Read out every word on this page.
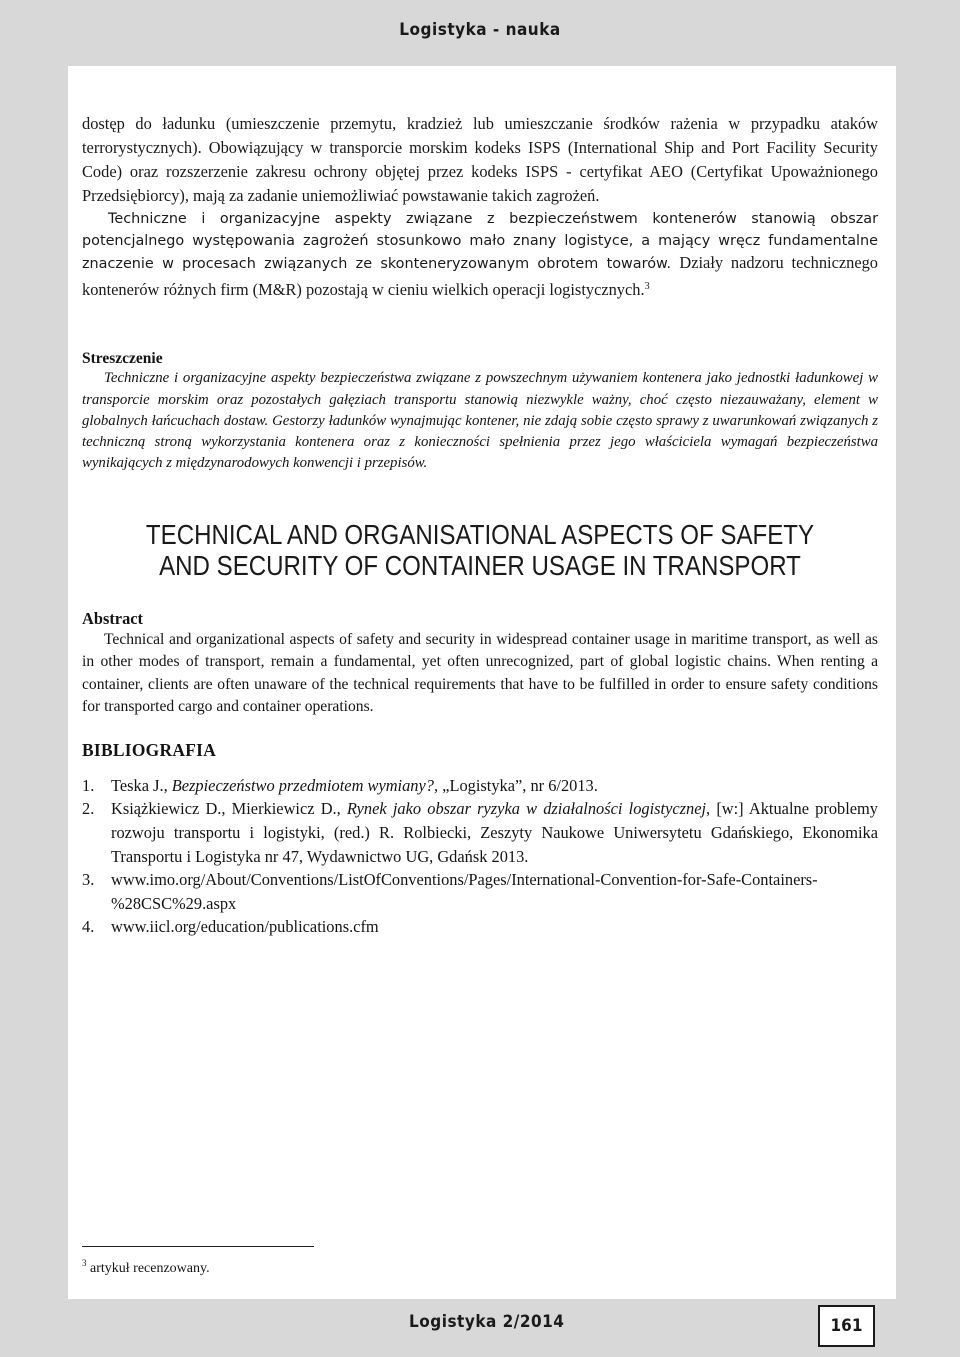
Logistyka - nauka

dostęp do ładunku (umieszczenie przemytu, kradzież lub umieszczanie środków rażenia w przypadku ataków terrorystycznych). Obowiązujący w transporcie morskim kodeks ISPS (International Ship and Port Facility Security Code) oraz rozszerzenie zakresu ochrony objętej przez kodeks ISPS - certyfikat AEO (Certyfikat Upoważnionego Przedsiębiorcy), mają za zadanie uniemożliwiać powstawanie takich zagrożeń.

Techniczne i organizacyjne aspekty związane z bezpieczeństwem kontenerów stanowią obszar potencjalnego występowania zagrożeń stosunkowo mało znany logistyce, a mający wręcz fundamentalne znaczenie w procesach związanych ze skonteneryzowanym obrotem towarów. Działy nadzoru technicznego kontenerów różnych firm (M&R) pozostają w cieniu wielkich operacji logistycznych.$^3$

Streszczenie

Techniczne i organizacyjne aspekty bezpieczeństwa związane z powszechnym używaniem kontenera jako jednostki ładunkowej w transporcie morskim oraz pozostałych gałęziach transportu stanowią niezwykle ważny, choć często niezauważany, element w globalnych łańcuchach dostaw. Gestorzy ładunków wynajmując kontener, nie zdają sobie często sprawy z uwarunkowań związanych z techniczną stroną wykorzystania kontenera oraz z konieczności spełnienia przez jego właściciela wymagań bezpieczeństwa wynikających z międzynarodowych konwencji i przepisów.

TECHNICAL AND ORGANISATIONAL ASPECTS OF SAFETY AND SECURITY OF CONTAINER USAGE IN TRANSPORT
Abstract

Technical and organizational aspects of safety and security in widespread container usage in maritime transport, as well as in other modes of transport, remain a fundamental, yet often unrecognized, part of global logistic chains. When renting a container, clients are often unaware of the technical requirements that have to be fulfilled in order to ensure safety conditions for transported cargo and container operations.

BIBLIOGRAFIA
1. Teska J., Bezpieczeństwo przedmiotem wymiany?, „Logistyka”, nr 6/2013.
2. Książkiewicz D., Mierkiewicz D., Rynek jako obszar ryzyka w działalności logistycznej, [w:] Aktualne problemy rozwoju transportu i logistyki, (red.) R. Rolbiecki, Zeszyty Naukowe Uniwersytetu Gdańskiego, Ekonomika Transportu i Logistyka nr 47, Wydawnictwo UG, Gdańsk 2013.
3. www.imo.org/About/Conventions/ListOfConventions/Pages/International-Convention-for-Safe-Containers-%28CSC%29.aspx
4. www.iicl.org/education/publications.cfm
$^3$ artykuł recenzowany.
Logistyka 2/2014	161
